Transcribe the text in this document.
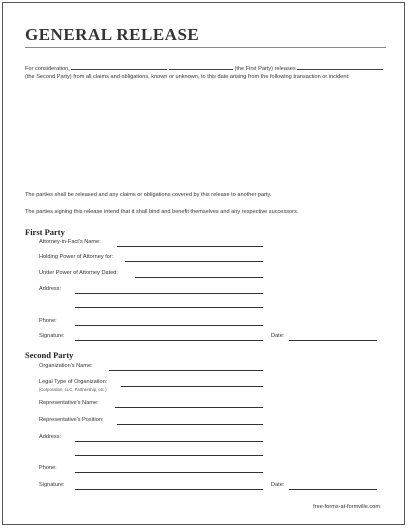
GENERAL RELEASE
For consideration,	(the First Party) releases  (the Second Party) from all claims and obligations, known or unknown, to this date arising from the following transaction or incident:
The parties shall be released and any claims or obligations covered by this release to another party.
The parties signing this release intend that it shall bind and benefit themselves and any respective successors.
First Party
Attorney-in-Fact's Name:
Holding Power of Attorney for:
Under Power of Attorney Dated:
Address:
Phone:
Signature:	Date:
Second Party
Organization's Name:
Legal Type of Organization:
(Corporation, LLC, Partnership, etc.)
Representative's Name:
Representative's Position:
Address:
Phone:
Signature:	Date:
free-forms-at-formville.com
